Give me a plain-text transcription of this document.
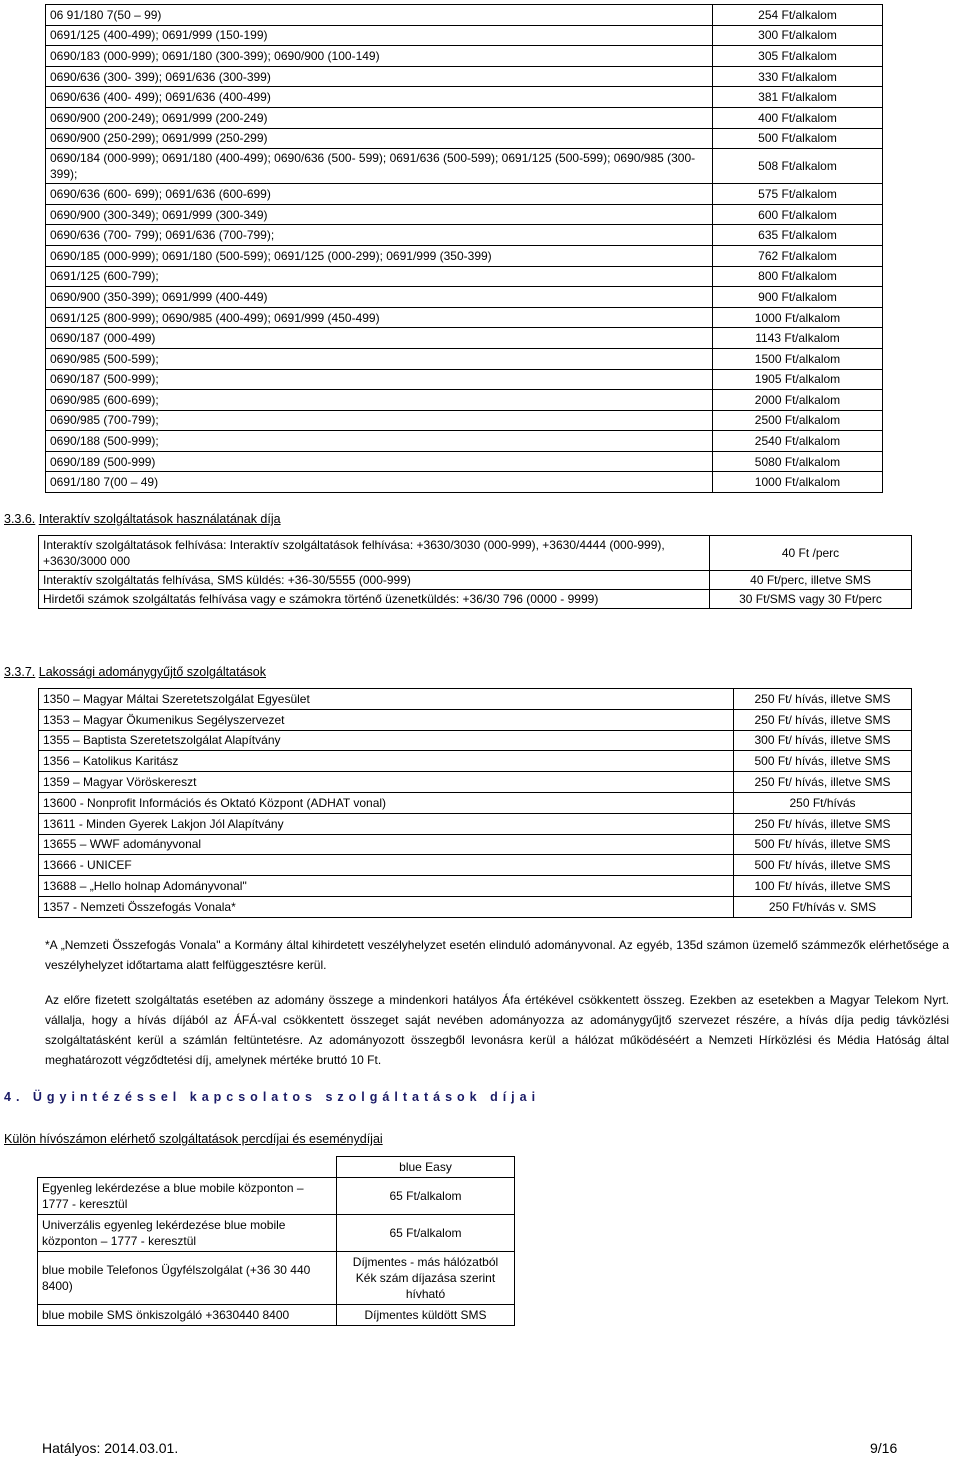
06 91/180 7(50 – 99)	254 Ft/alkalom
0691/125 (400-499); 0691/999 (150-199)	300 Ft/alkalom
0690/183 (000-999); 0691/180 (300-399); 0690/900 (100-149)	305 Ft/alkalom
0690/636 (300- 399); 0691/636 (300-399)	330 Ft/alkalom
0690/636 (400- 499); 0691/636 (400-499)	381 Ft/alkalom
0690/900 (200-249); 0691/999 (200-249)	400 Ft/alkalom
0690/900 (250-299); 0691/999 (250-299)	500 Ft/alkalom
0690/184 (000-999); 0691/180 (400-499); 0690/636 (500- 599); 0691/636 (500-599); 0691/125 (500-599); 0690/985 (300-399);	508 Ft/alkalom
0690/636 (600- 699); 0691/636 (600-699)	575 Ft/alkalom
0690/900 (300-349); 0691/999 (300-349)	600 Ft/alkalom
0690/636 (700- 799); 0691/636 (700-799);	635 Ft/alkalom
0690/185 (000-999); 0691/180 (500-599); 0691/125 (000-299); 0691/999 (350-399)	762 Ft/alkalom
0691/125 (600-799);	800 Ft/alkalom
0690/900 (350-399); 0691/999 (400-449)	900 Ft/alkalom
0691/125 (800-999); 0690/985 (400-499); 0691/999 (450-499)	1000 Ft/alkalom
0690/187 (000-499)	1143 Ft/alkalom
0690/985 (500-599);	1500 Ft/alkalom
0690/187 (500-999);	1905 Ft/alkalom
0690/985 (600-699);	2000 Ft/alkalom
0690/985 (700-799);	2500 Ft/alkalom
0690/188 (500-999);	2540 Ft/alkalom
0690/189 (500-999)	5080 Ft/alkalom
0691/180 7(00 – 49)	1000 Ft/alkalom
3.3.6. Interaktív szolgáltatások használatának díja
Interaktív szolgáltatások felhívása: Interaktív szolgáltatások felhívása: +3630/3030 (000-999), +3630/4444 (000-999), +3630/3000 000	40 Ft /perc
Interaktív szolgáltatás felhívása, SMS küldés: +36-30/5555 (000-999)	40 Ft/perc, illetve SMS
Hirdetői számok szolgáltatás felhívása vagy e számokra történő üzenetküldés: +36/30 796 (0000 - 9999)	30 Ft/SMS vagy 30 Ft/perc
3.3.7. Lakossági adománygyűjtő szolgáltatások
1350 – Magyar Máltai Szeretetszolgálat Egyesület	250 Ft/ hívás, illetve SMS
1353 – Magyar Ökumenikus Segélyszervezet	250 Ft/ hívás, illetve SMS
1355 – Baptista Szeretetszolgálat Alapítvány	300 Ft/ hívás, illetve SMS
1356 – Katolikus Karitász	500 Ft/ hívás, illetve SMS
1359 – Magyar Vöröskereszt	250 Ft/ hívás, illetve SMS
13600 - Nonprofit Információs és Oktató Központ (ADHAT vonal)	250 Ft/hívás
13611 - Minden Gyerek Lakjon Jól Alapítvány	250 Ft/ hívás, illetve SMS
13655 – WWF adományvonal	500 Ft/ hívás, illetve SMS
13666 - UNICEF	500 Ft/ hívás, illetve SMS
13688 – „Hello holnap Adományvonal"	100 Ft/ hívás, illetve SMS
1357 - Nemzeti Összefogás Vonala*	250 Ft/hívás v. SMS
*A „Nemzeti Összefogás Vonala" a Kormány által kihirdetett veszélyhelyzet esetén elinduló adományvonal. Az egyéb, 135d számon üzemelő számmezők elérhetősége a veszélyhelyzet időtartama alatt felfüggesztésre kerül.
Az előre fizetett szolgáltatás esetében az adomány összege a mindenkori hatályos Áfa értékével csökkentett összeg. Ezekben az esetekben a Magyar Telekom Nyrt. vállalja, hogy a hívás díjából az ÁFÁ-val csökkentett összeget saját nevében adományozza az adománygyűjtő szervezet részére, a hívás díja pedig távközlési szolgáltatásként kerül a számlán feltüntetésre. Az adományozott összegből levonásra kerül a hálózat működéséért a Nemzeti Hírközlési és Média Hatóság által meghatározott végződtetési díj, amelynek mértéke bruttó 10 Ft.
4. Ügyintézéssel kapcsolatos szolgáltatások díjai
Külön hívószámon elérhető szolgáltatások percdíjai és eseménydíjai
	blue Easy
Egyenleg lekérdezése a blue mobile központon – 1777 - keresztül	65 Ft/alkalom
Univerzális egyenleg lekérdezése blue mobile központon – 1777 - keresztül	65 Ft/alkalom
blue mobile Telefonos Ügyfélszolgálat (+36 30 440 8400)	Díjmentes - más hálózatból Kék szám díjazása szerint hívható
blue mobile SMS önkiszolgáló +3630440 8400	Díjmentes küldött SMS
Hatályos: 2014.03.01.	9/16
